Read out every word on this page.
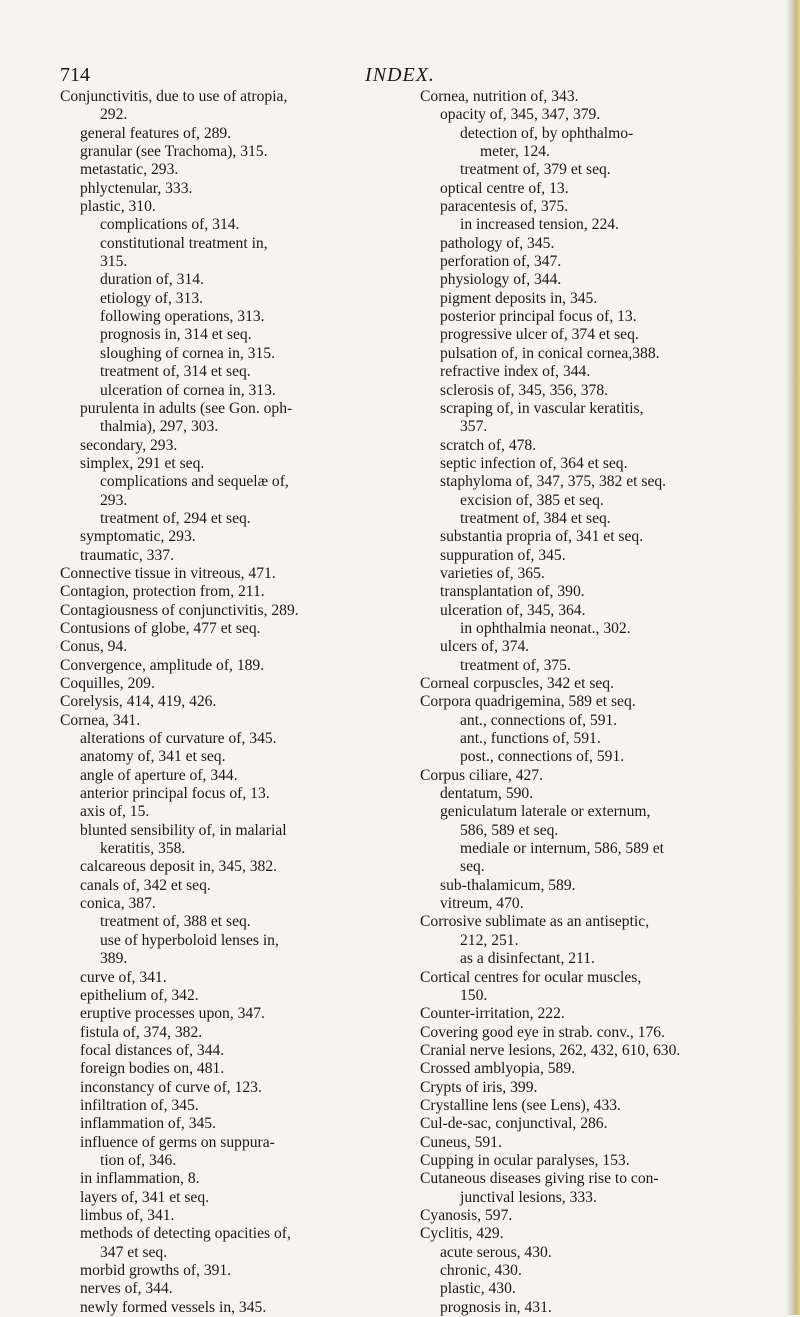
714	INDEX.
Conjunctivitis, due to use of atropia,
292.
general features of, 289.
granular (see Trachoma), 315.
metastatic, 293.
phlyctenular, 333.
plastic, 310.
complications of, 314.
constitutional treatment in,
315.
duration of, 314.
etiology of, 313.
following operations, 313.
prognosis in, 314 et seq.
sloughing of cornea in, 315.
treatment of, 314 et seq.
ulceration of cornea in, 313.
purulenta in adults (see Gon. oph-
thalmia), 297, 303.
secondary, 293.
simplex, 291 et seq.
complications and sequelæ of,
293.
treatment of, 294 et seq.
symptomatic, 293.
traumatic, 337.
Connective tissue in vitreous, 471.
Contagion, protection from, 211.
Contagiousness of conjunctivitis, 289.
Contusions of globe, 477 et seq.
Conus, 94.
Convergence, amplitude of, 189.
Coquilles, 209.
Corelysis, 414, 419, 426.
Cornea, 341.
alterations of curvature of, 345.
anatomy of, 341 et seq.
angle of aperture of, 344.
anterior principal focus of, 13.
axis of, 15.
blunted sensibility of, in malarial
keratitis, 358.
calcareous deposit in, 345, 382.
canals of, 342 et seq.
conica, 387.
treatment of, 388 et seq.
use of hyperboloid lenses in,
389.
curve of, 341.
epithelium of, 342.
eruptive processes upon, 347.
fistula of, 374, 382.
focal distances of, 344.
foreign bodies on, 481.
inconstancy of curve of, 123.
infiltration of, 345.
inflammation of, 345.
influence of germs on suppura-
tion of, 346.
in inflammation, 8.
layers of, 341 et seq.
limbus of, 341.
methods of detecting opacities of,
347 et seq.
morbid growths of, 391.
nerves of, 344.
newly formed vessels in, 345.
Cornea, nutrition of, 343.
opacity of, 345, 347, 379.
detection of, by ophthalmo-
meter, 124.
treatment of, 379 et seq.
optical centre of, 13.
paracentesis of, 375.
in increased tension, 224.
pathology of, 345.
perforation of, 347.
physiology of, 344.
pigment deposits in, 345.
posterior principal focus of, 13.
progressive ulcer of, 374 et seq.
pulsation of, in conical cornea,388.
refractive index of, 344.
sclerosis of, 345, 356, 378.
scraping of, in vascular keratitis,
357.
scratch of, 478.
septic infection of, 364 et seq.
staphyloma of, 347, 375, 382 et seq.
excision of, 385 et seq.
treatment of, 384 et seq.
substantia propria of, 341 et seq.
suppuration of, 345.
varieties of, 365.
transplantation of, 390.
ulceration of, 345, 364.
in ophthalmia neonat., 302.
ulcers of, 374.
treatment of, 375.
Corneal corpuscles, 342 et seq.
Corpora quadrigemina, 589 et seq.
ant., connections of, 591.
ant., functions of, 591.
post., connections of, 591.
Corpus ciliare, 427.
dentatum, 590.
geniculatum laterale or externum,
586, 589 et seq.
mediale or internum, 586, 589 et
seq.
sub-thalamicum, 589.
vitreum, 470.
Corrosive sublimate as an antiseptic,
212, 251.
as a disinfectant, 211.
Cortical centres for ocular muscles,
150.
Counter-irritation, 222.
Covering good eye in strab. conv., 176.
Cranial nerve lesions, 262, 432, 610, 630.
Crossed amblyopia, 589.
Crypts of iris, 399.
Crystalline lens (see Lens), 433.
Cul-de-sac, conjunctival, 286.
Cuneus, 591.
Cupping in ocular paralyses, 153.
Cutaneous diseases giving rise to con-
junctival lesions, 333.
Cyanosis, 597.
Cyclitis, 429.
acute serous, 430.
chronic, 430.
plastic, 430.
prognosis in, 431.
